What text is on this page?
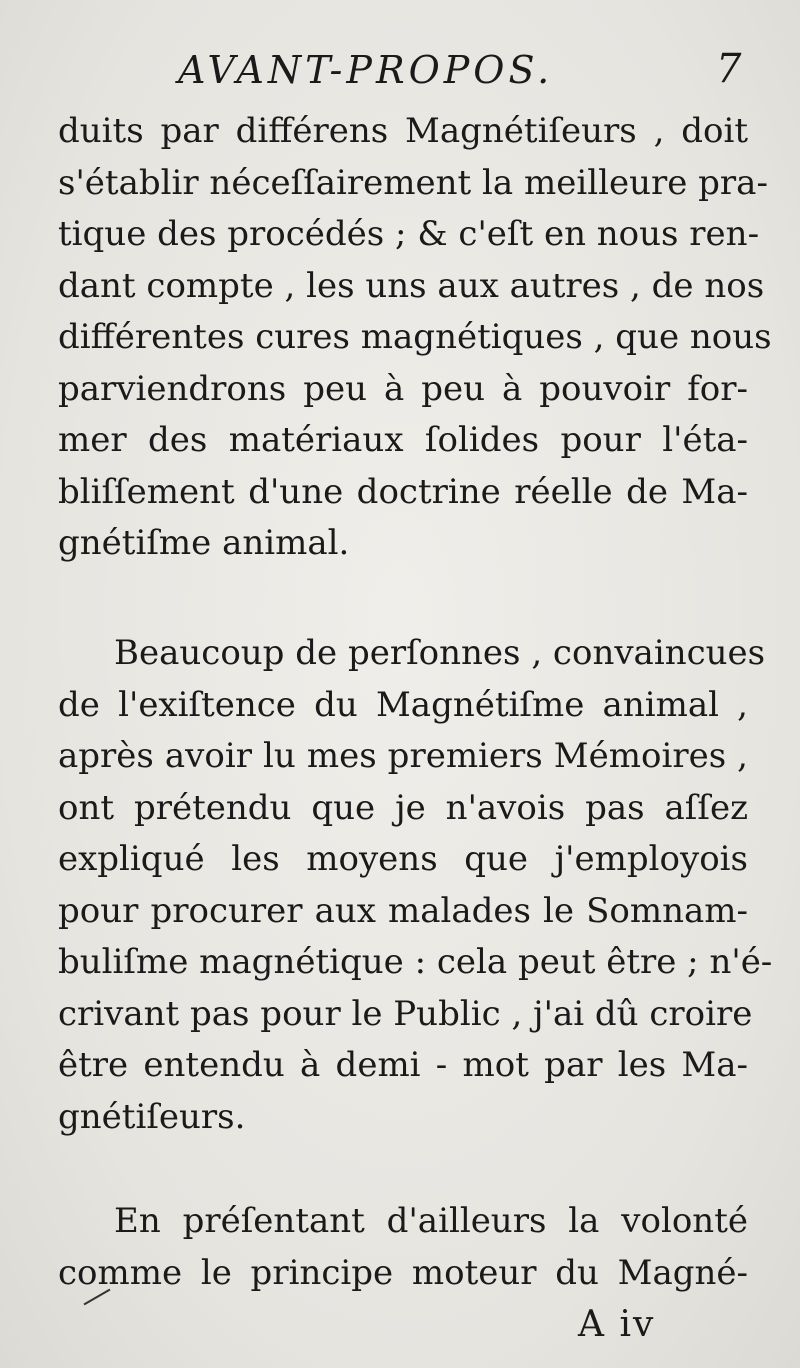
AVANT-PROPOS.	7
duits par différens Magnétiſeurs , doit
s'établir néceſſairement la meilleure pra-
tique des procédés ; & c'eſt en nous ren-
dant compte , les uns aux autres , de nos
différentes cures magnétiques , que nous
parviendrons peu à peu à pouvoir for-
mer des matériaux ſolides pour l'éta-
bliſſement d'une doctrine réelle de Ma-
gnétiſme animal.
Beaucoup de perſonnes , convaincues
de l'exiſtence du Magnétiſme animal ,
après avoir lu mes premiers Mémoires ,
ont prétendu que je n'avois pas aſſez
expliqué les moyens que j'employois
pour procurer aux malades le Somnam-
buliſme magnétique : cela peut être ; n'é-
crivant pas pour le Public , j'ai dû croire
être entendu à demi - mot par les Ma-
gnétiſeurs.
En préſentant d'ailleurs la volonté
comme le principe moteur du Magné-
A iv
